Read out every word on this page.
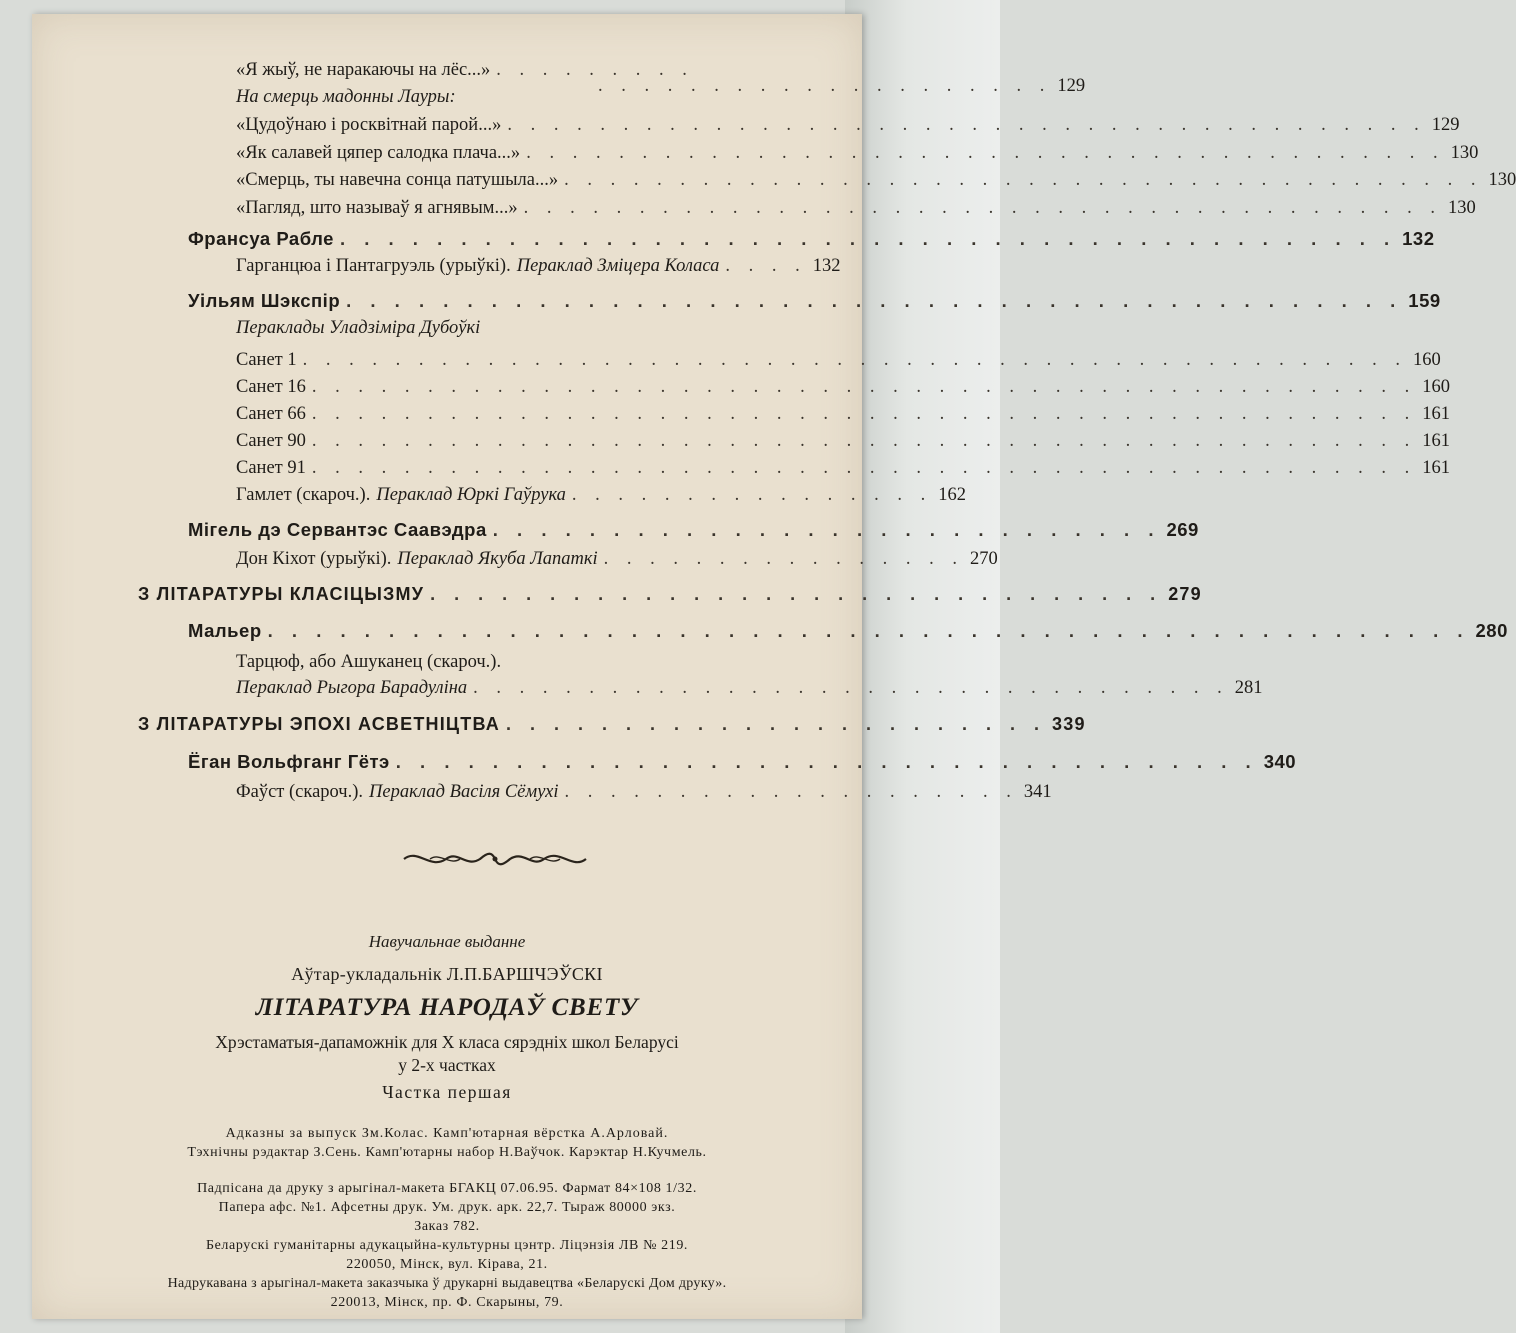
«Я жыў, не наракаючы на лёс...» . . . . . . . . .
. . . . . . . . . . . . . . . . . . . . 129
На смерць мадонны Лауры:
«Цудоўнаю і росквітнай парой...» . . . . . . . . . . . . . . . . . . . . . . . . . . . . . . . . . . . . . . . . 129
«Як салавей цяпер салодка плача...» . . . . . . . . . . . . . . . . . . . . . . . . . . . . . . . . . . . . . . . . 130
«Смерць, ты навечна сонца патушыла...» . . . . . . . . . . . . . . . . . . . . . . . . . . . . . . . . . . . . . . . . 130
«Пагляд, што называў я агнявым...» . . . . . . . . . . . . . . . . . . . . . . . . . . . . . . . . . . . . . . . . 130
Франсуа Рабле . . . . . . . . . . . . . . . . . . . . . . . . . . . . . . . . . . . . . . . . . . . . 132
Гарганцюа і Пантагруэль (урыўкі). Пераклад Зміцера Коласа . . . . 132
Уільям Шэкспір . . . . . . . . . . . . . . . . . . . . . . . . . . . . . . . . . . . . . . . . . . . . 159
Пераклады Уладзіміра Дубоўкі
Санет 1 . . . . . . . . . . . . . . . . . . . . . . . . . . . . . . . . . . . . . . . . . . . . . . . . 160
Санет 16 . . . . . . . . . . . . . . . . . . . . . . . . . . . . . . . . . . . . . . . . . . . . . . . . 160
Санет 66 . . . . . . . . . . . . . . . . . . . . . . . . . . . . . . . . . . . . . . . . . . . . . . . . 161
Санет 90 . . . . . . . . . . . . . . . . . . . . . . . . . . . . . . . . . . . . . . . . . . . . . . . . 161
Санет 91 . . . . . . . . . . . . . . . . . . . . . . . . . . . . . . . . . . . . . . . . . . . . . . . . 161
Гамлет (скароч.). Пераклад Юркі Гаўрука . . . . . . . . . . . . . . . . 162
Мігель дэ Сервантэс Саавэдра . . . . . . . . . . . . . . . . . . . . . . . . . . . . 269
Дон Кіхот (урыўкі). Пераклад Якуба Лапаткі . . . . . . . . . . . . . . . . 270
З ЛІТАРАТУРЫ КЛАСІЦЫЗМУ . . . . . . . . . . . . . . . . . . . . . . . . . . . . . . . 279
Мальер . . . . . . . . . . . . . . . . . . . . . . . . . . . . . . . . . . . . . . . . . . . . . . . . . . 280
Тарцюф, або Ашуканец (скароч.).
Пераклад Рыгора Барадуліна . . . . . . . . . . . . . . . . . . . . . . . . . . . . . . . . . 281
З ЛІТАРАТУРЫ ЭПОХІ АСВЕТНІЦТВА . . . . . . . . . . . . . . . . . . . . . . . 339
Ёган Вольфганг Гётэ . . . . . . . . . . . . . . . . . . . . . . . . . . . . . . . . . . . . 340
Фаўст (скароч.). Пераклад Васіля Сёмухі . . . . . . . . . . . . . . . . . . . . 341
Навучальнае выданне
Аўтар-укладальнік Л.П.БАРШЧЭЎСКІ
ЛІТАРАТУРА НАРОДАЎ СВЕТУ
Хрэстаматыя-дапаможнік для X класа сярэдніх школ Беларусі
у 2-х частках
Частка першая
Адказны за выпуск Зм.Колас. Камп'ютарная вёрстка А.Арловай.
Тэхнічны рэдактар З.Сень. Камп'ютарны набор Н.Ваўчок. Карэктар Н.Кучмель.
Падпісана да друку з арыгінал-макета БГАКЦ 07.06.95. Фармат 84×108 1/32.
Папера афс. №1. Афсетны друк. Ум. друк. арк. 22,7. Тыраж 80000 экз.
Заказ 782.
Беларускі гуманітарны адукацыйна-культурны цэнтр. Ліцэнзія ЛВ № 219.
220050, Мінск, вул. Кірава, 21.
Надрукавана з арыгінал-макета заказчыка ў друкарні выдавецтва «Беларускі Дом друку».
220013, Мінск, пр. Ф. Скарыны, 79.
